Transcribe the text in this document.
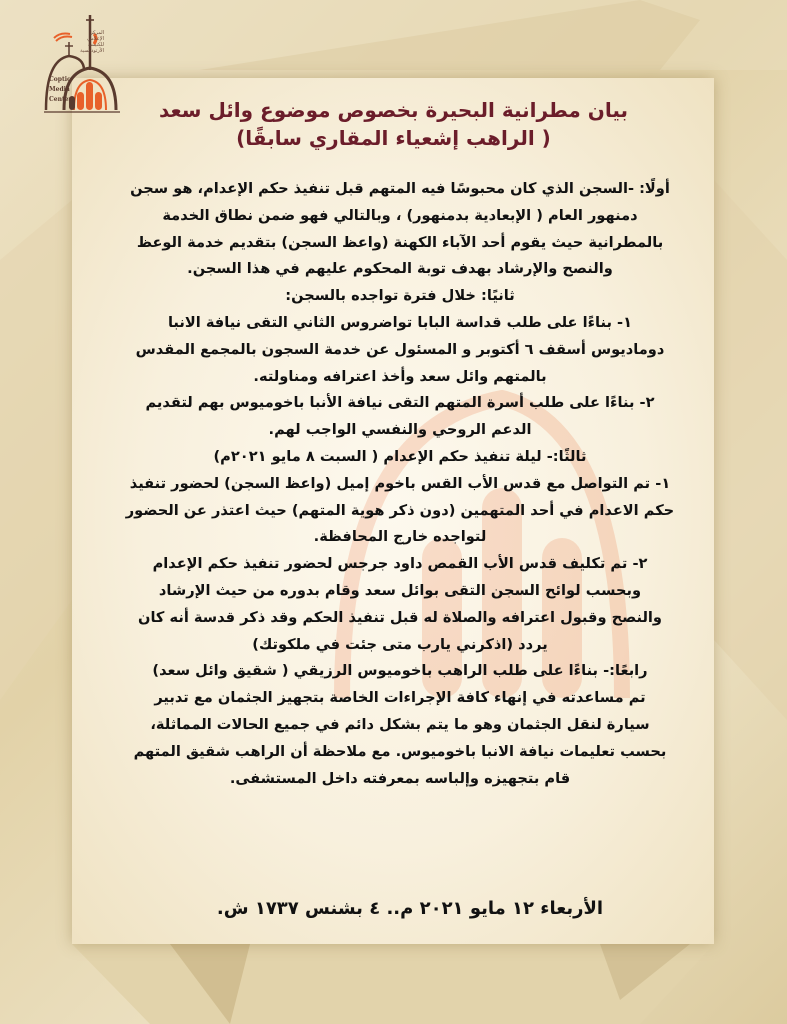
المركز الإعلامي للكنيسة الأرثوذكسية
Coptic
Media
Center	بيان مطرانية البحيرة بخصوص موضوع وائل سعد
( الراهب إشعياء المقاري سابقًا)

أولًا: -السجن الذي كان محبوسًا فيه المتهم قبل تنفيذ حكم الإعدام، هو سجن

دمنهور العام ( الإبعادية بدمنهور) ، وبالتالي فهو ضمن نطاق الخدمة

بالمطرانية حيث يقوم أحد الآباء الكهنة (واعظ السجن) بتقديم خدمة الوعظ

والنصح والإرشاد بهدف توبة المحكوم عليهم في هذا السجن.

ثانيًا: خلال فترة تواجده بالسجن:

١- بناءًا على طلب قداسة البابا تواضروس الثاني التقى نيافة الانبا

دوماديوس أسقف ٦ أكتوبر و المسئول عن خدمة السجون بالمجمع المقدس

بالمتهم وائل سعد وأخذ اعترافه ومناولته.

٢- بناءًا على طلب أسرة المتهم التقى نيافة الأنبا باخوميوس بهم لتقديم

الدعم الروحي والنفسي الواجب لهم.

ثالثًا:- ليلة تنفيذ حكم الإعدام ( السبت ٨ مايو ٢٠٢١م)

١- تم التواصل مع قدس الأب القس باخوم إميل (واعظ السجن) لحضور تنفيذ

حكم الاعدام في أحد المتهمين (دون ذكر هوية المتهم) حيث اعتذر عن الحضور

لتواجده خارج المحافظة.

٢- تم تكليف قدس الأب القمص داود جرجس لحضور تنفيذ حكم الإعدام

وبحسب لوائح السجن التقى بوائل سعد وقام بدوره من حيث الإرشاد

والنصح وقبول اعترافه والصلاة له قبل تنفيذ الحكم وقد ذكر قدسة أنه كان

يردد (اذكرني يارب متى جئت في ملكوتك)

رابعًا:- بناءًا على طلب الراهب باخوميوس الرزيقي ( شقيق وائل سعد)

تم مساعدته في إنهاء كافة الإجراءات الخاصة بتجهيز الجثمان مع تدبير

سيارة لنقل الجثمان وهو ما يتم بشكل دائم في جميع الحالات المماثلة،

بحسب تعليمات نيافة الانبا باخوميوس. مع ملاحظة أن الراهب شقيق المتهم

قام بتجهيزه وإلباسه بمعرفته داخل المستشفى.

الأربعاء ١٢ مايو ٢٠٢١ م.. ٤ بشنس ١٧٣٧ ش.
